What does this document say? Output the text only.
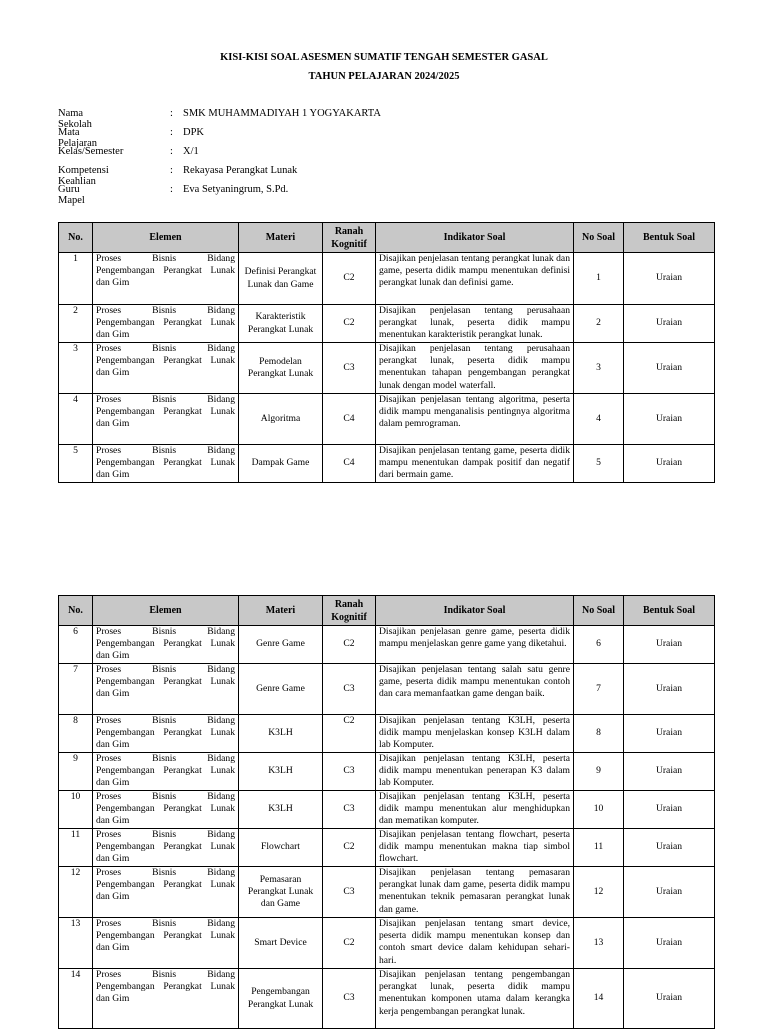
KISI-KISI SOAL ASESMEN SUMATIF TENGAH SEMESTER GASAL
TAHUN PELAJARAN 2024/2025
Nama Sekolah
: SMK MUHAMMADIYAH 1 YOGYAKARTA
Mata Pelajaran
: DPK
Kelas/Semester	: X/1
Kompetensi Keahlian
: Rekayasa Perangkat Lunak
Guru Mapel
: Eva Setyaningrum, S.Pd.
No.	Elemen	Materi	Ranah Kognitif	Indikator Soal	No Soal	Bentuk Soal
1	Proses Bisnis Bidang Pengembangan Perangkat Lunak dan Gim	Definisi Perangkat Lunak dan Game	C2	Disajikan penjelasan tentang perangkat lunak dan game, peserta didik mampu menentukan definisi perangkat lunak dan definisi game.	1	Uraian
2	Proses Bisnis Bidang Pengembangan Perangkat Lunak dan Gim	Karakteristik Perangkat Lunak	C2	Disajikan penjelasan tentang perusahaan perangkat lunak, peserta didik mampu menentukan karakteristik perangkat lunak.	2	Uraian
3	Proses Bisnis Bidang Pengembangan Perangkat Lunak dan Gim	Pemodelan Perangkat Lunak	C3	Disajikan penjelasan tentang perusahaan perangkat lunak, peserta didik mampu menentukan tahapan pengembangan perangkat lunak dengan model waterfall.	3	Uraian
4	Proses Bisnis Bidang Pengembangan Perangkat Lunak dan Gim	Algoritma	C4	Disajikan penjelasan tentang algoritma, peserta didik mampu menganalisis pentingnya algoritma dalam pemrograman.	4	Uraian
5	Proses Bisnis Bidang Pengembangan Perangkat Lunak dan Gim	Dampak Game	C4	Disajikan penjelasan tentang game, peserta didik mampu menentukan dampak positif dan negatif dari bermain game.	5	Uraian
No.	Elemen	Materi	Ranah Kognitif	Indikator Soal	No Soal	Bentuk Soal
6	Proses Bisnis Bidang Pengembangan Perangkat Lunak dan Gim	Genre Game	C2	Disajikan penjelasan genre game, peserta didik mampu menjelaskan genre game yang diketahui.	6	Uraian
7	Proses Bisnis Bidang Pengembangan Perangkat Lunak dan Gim	Genre Game	C3	Disajikan penjelasan tentang salah satu genre game, peserta didik mampu menentukan contoh dan cara memanfaatkan game dengan baik.	7	Uraian
8	Proses Bisnis Bidang Pengembangan Perangkat Lunak dan Gim	K3LH	C2	Disajikan penjelasan tentang K3LH, peserta didik mampu menjelaskan konsep K3LH dalam lab Komputer.	8	Uraian
9	Proses Bisnis Bidang Pengembangan Perangkat Lunak dan Gim	K3LH	C3	Disajikan penjelasan tentang K3LH, peserta didik mampu menentukan penerapan K3 dalam lab Komputer.	9	Uraian
10	Proses Bisnis Bidang Pengembangan Perangkat Lunak dan Gim	K3LH	C3	Disajikan penjelasan tentang K3LH, peserta didik mampu menentukan alur menghidupkan dan mematikan komputer.	10	Uraian
11	Proses Bisnis Bidang Pengembangan Perangkat Lunak dan Gim	Flowchart	C2	Disajikan penjelasan tentang flowchart, peserta didik mampu menentukan makna tiap simbol flowchart.	11	Uraian
12	Proses Bisnis Bidang Pengembangan Perangkat Lunak dan Gim	Pemasaran Perangkat Lunak dan Game	C3	Disajikan penjelasan tentang pemasaran perangkat lunak dam game, peserta didik mampu menentukan teknik pemasaran perangkat lunak dan game.	12	Uraian
13	Proses Bisnis Bidang Pengembangan Perangkat Lunak dan Gim	Smart Device	C2	Disajikan penjelasan tentang smart device, peserta didik mampu menentukan konsep dan contoh smart device dalam kehidupan sehari-hari.	13	Uraian
14	Proses Bisnis Bidang Pengembangan Perangkat Lunak dan Gim	Pengembangan Perangkat Lunak	C3	Disajikan penjelasan tentang pengembangan perangkat lunak, peserta didik mampu menentukan komponen utama dalam kerangka kerja pengembangan perangkat lunak.	14	Uraian
